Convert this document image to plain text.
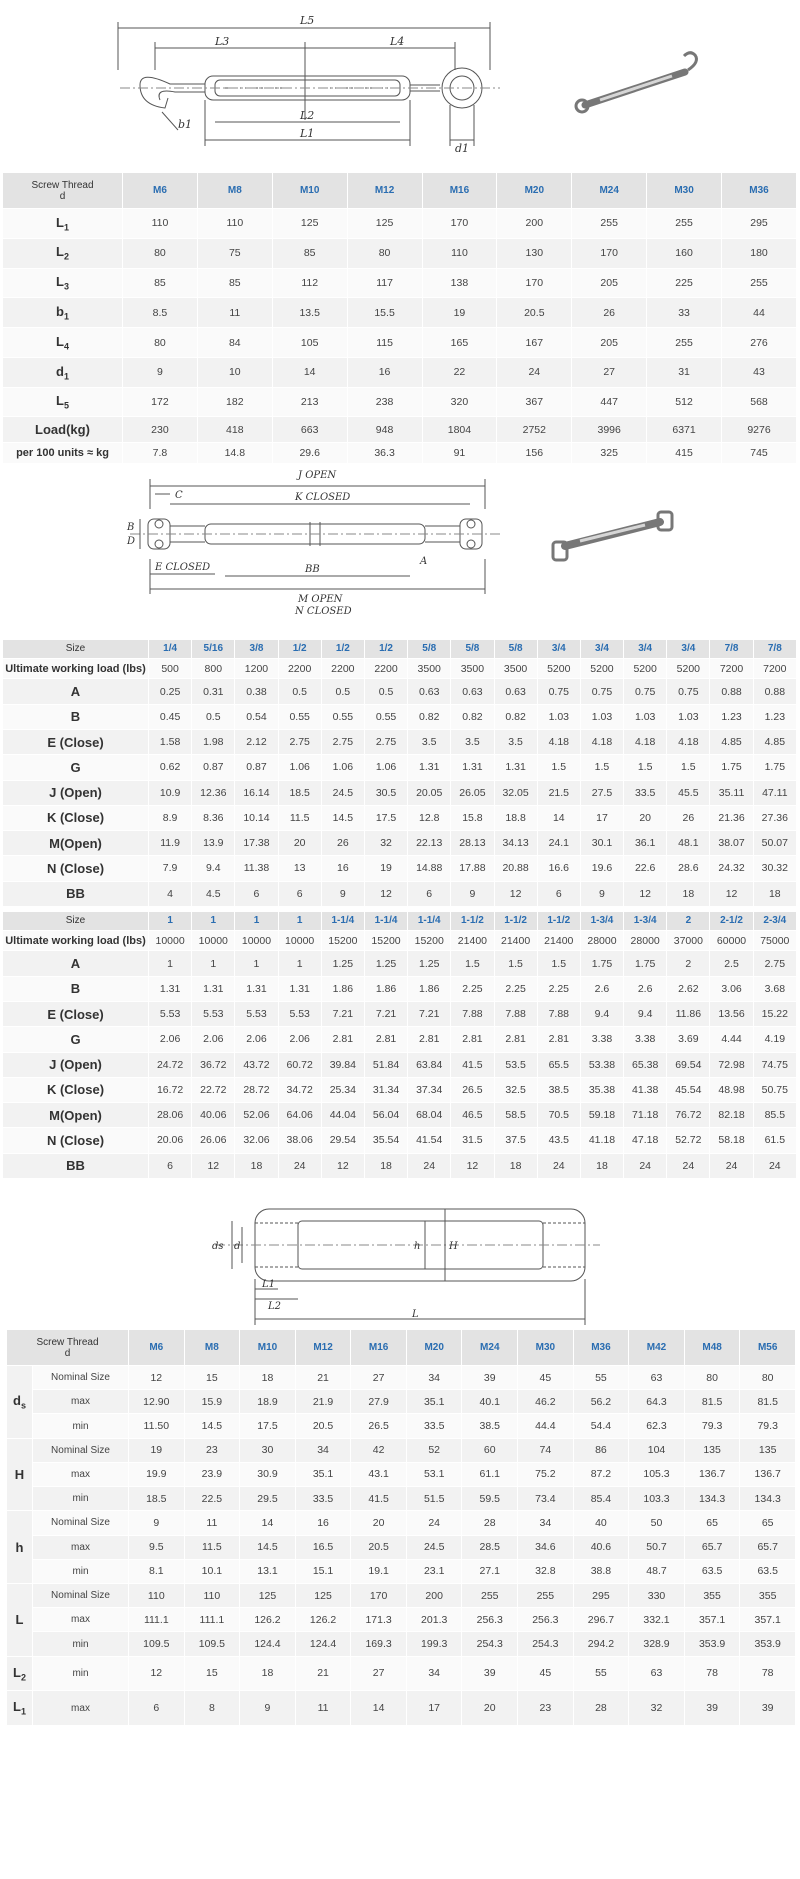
L5
L3	L4
L2
L1
b1
d1
Screw Thread
d	M6	M8	M10	M12	M16	M20	M24	M30	M36
$L_1$	110	110	125	125	170	200	255	255	295
$L_2$	80	75	85	80	110	130	170	160	180
$L_3$	85	85	112	117	138	170	205	225	255
$b_1$	8.5	11	13.5	15.5	19	20.5	26	33	44
$L_4$	80	84	105	115	165	167	205	255	276
$d_1$	9	10	14	16	22	24	27	31	43
$L_5$	172	182	213	238	320	367	447	512	568
Load(kg)	230	418	663	948	1804	2752	3996	6371	9276
per 100 units ≈ kg	7.8	14.8	29.6	36.3	91	156	325	415	745
J OPEN
K CLOSED
C
B
D
E CLOSED	BB
A
M OPEN
N CLOSED
Size	1/4	5/16	3/8	1/2	1/2	1/2	5/8	5/8	5/8	3/4	3/4	3/4	3/4	7/8	7/8
Ultimate working load (lbs)	500	800	1200	2200	2200	2200	3500	3500	3500	5200	5200	5200	5200	7200	7200
A	0.25	0.31	0.38	0.5	0.5	0.5	0.63	0.63	0.63	0.75	0.75	0.75	0.75	0.88	0.88
B	0.45	0.5	0.54	0.55	0.55	0.55	0.82	0.82	0.82	1.03	1.03	1.03	1.03	1.23	1.23
E (Close)	1.58	1.98	2.12	2.75	2.75	2.75	3.5	3.5	3.5	4.18	4.18	4.18	4.18	4.85	4.85
G	0.62	0.87	0.87	1.06	1.06	1.06	1.31	1.31	1.31	1.5	1.5	1.5	1.5	1.75	1.75
J (Open)	10.9	12.36	16.14	18.5	24.5	30.5	20.05	26.05	32.05	21.5	27.5	33.5	45.5	35.11	47.11
K (Close)	8.9	8.36	10.14	11.5	14.5	17.5	12.8	15.8	18.8	14	17	20	26	21.36	27.36
M(Open)	11.9	13.9	17.38	20	26	32	22.13	28.13	34.13	24.1	30.1	36.1	48.1	38.07	50.07
N (Close)	7.9	9.4	11.38	13	16	19	14.88	17.88	20.88	16.6	19.6	22.6	28.6	24.32	30.32
BB	4	4.5	6	6	9	12	6	9	12	6	9	12	18	12	18
Size	1	1	1	1	1-1/4	1-1/4	1-1/4	1-1/2	1-1/2	1-1/2	1-3/4	1-3/4	2	2-1/2	2-3/4
Ultimate working load (lbs)	10000	10000	10000	10000	15200	15200	15200	21400	21400	21400	28000	28000	37000	60000	75000
A	1	1	1	1	1.25	1.25	1.25	1.5	1.5	1.5	1.75	1.75	2	2.5	2.75
B	1.31	1.31	1.31	1.31	1.86	1.86	1.86	2.25	2.25	2.25	2.6	2.6	2.62	3.06	3.68
E (Close)	5.53	5.53	5.53	5.53	7.21	7.21	7.21	7.88	7.88	7.88	9.4	9.4	11.86	13.56	15.22
G	2.06	2.06	2.06	2.06	2.81	2.81	2.81	2.81	2.81	2.81	3.38	3.38	3.69	4.44	4.19
J (Open)	24.72	36.72	43.72	60.72	39.84	51.84	63.84	41.5	53.5	65.5	53.38	65.38	69.54	72.98	74.75
K (Close)	16.72	22.72	28.72	34.72	25.34	31.34	37.34	26.5	32.5	38.5	35.38	41.38	45.54	48.98	50.75
M(Open)	28.06	40.06	52.06	64.06	44.04	56.04	68.04	46.5	58.5	70.5	59.18	71.18	76.72	82.18	85.5
N (Close)	20.06	26.06	32.06	38.06	29.54	35.54	41.54	31.5	37.5	43.5	41.18	47.18	52.72	58.18	61.5
BB	6	12	18	24	12	18	24	12	18	24	18	24	24	24	24
ds d	h	H
L1
L2
L
Screw Thread
d		M6	M8	M10	M12	M16	M20	M24	M30	M36	M42	M48	M56
$d_s$	Nominal Size	12	15	18	21	27	34	39	45	55	63	80	80
	max	12.90	15.9	18.9	21.9	27.9	35.1	40.1	46.2	56.2	64.3	81.5	81.5
	min	11.50	14.5	17.5	20.5	26.5	33.5	38.5	44.4	54.4	62.3	79.3	79.3
H	Nominal Size	19	23	30	34	42	52	60	74	86	104	135	135
	max	19.9	23.9	30.9	35.1	43.1	53.1	61.1	75.2	87.2	105.3	136.7	136.7
	min	18.5	22.5	29.5	33.5	41.5	51.5	59.5	73.4	85.4	103.3	134.3	134.3
h	Nominal Size	9	11	14	16	20	24	28	34	40	50	65	65
	max	9.5	11.5	14.5	16.5	20.5	24.5	28.5	34.6	40.6	50.7	65.7	65.7
	min	8.1	10.1	13.1	15.1	19.1	23.1	27.1	32.8	38.8	48.7	63.5	63.5
L	Nominal Size	110	110	125	125	170	200	255	255	295	330	355	355
	max	111.1	111.1	126.2	126.2	171.3	201.3	256.3	256.3	296.7	332.1	357.1	357.1
	min	109.5	109.5	124.4	124.4	169.3	199.3	254.3	254.3	294.2	328.9	353.9	353.9
$L_2$	min	12	15	18	21	27	34	39	45	55	63	78	78
$L_1$	max	6	8	9	11	14	17	20	23	28	32	39	39
